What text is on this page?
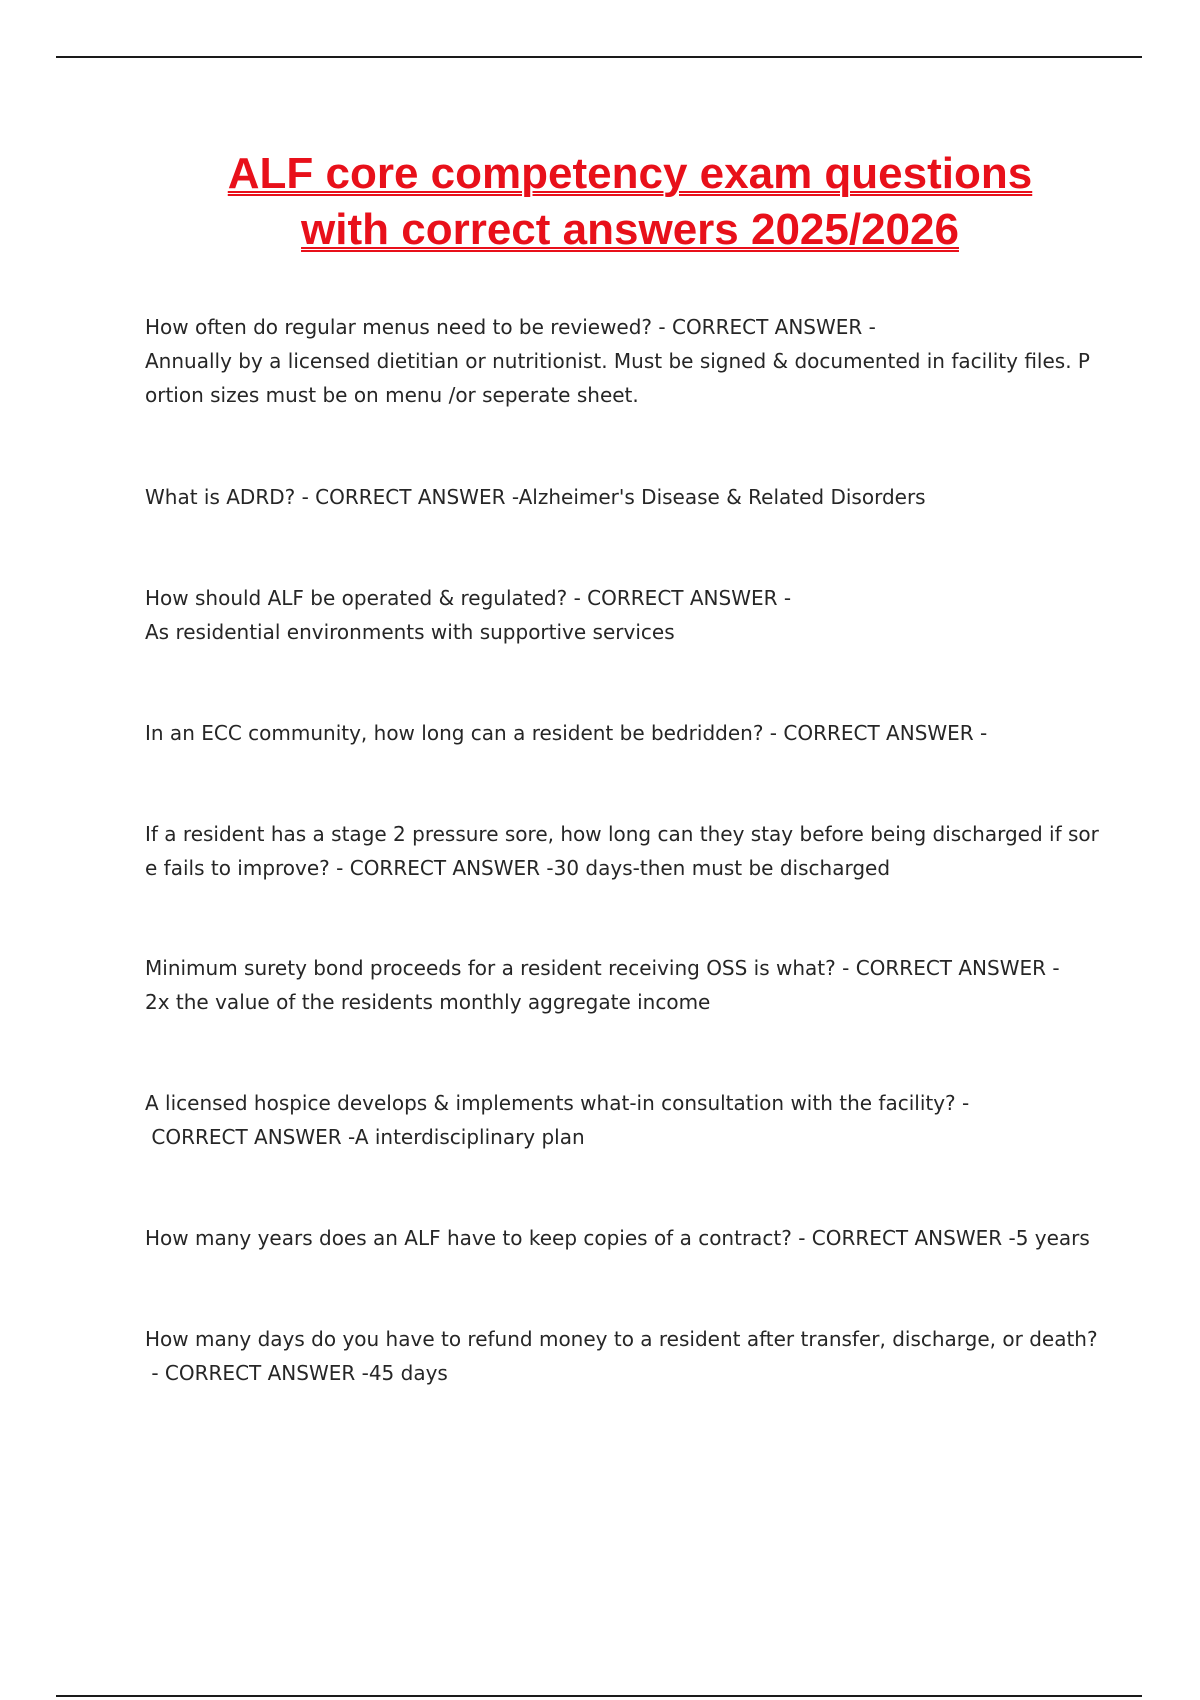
ALF core competency exam questions
with correct answers 2025/2026
How often do regular menus need to be reviewed? - CORRECT ANSWER -
Annually by a licensed dietitian or nutritionist. Must be signed & documented in facility files. P
ortion sizes must be on menu /or seperate sheet.
What is ADRD? - CORRECT ANSWER -Alzheimer's Disease & Related Disorders
How should ALF be operated & regulated? - CORRECT ANSWER -
As residential environments with supportive services
In an ECC community, how long can a resident be bedridden? - CORRECT ANSWER -
If a resident has a stage 2 pressure sore, how long can they stay before being discharged if sor
e fails to improve? - CORRECT ANSWER -30 days-then must be discharged
Minimum surety bond proceeds for a resident receiving OSS is what? - CORRECT ANSWER -
2x the value of the residents monthly aggregate income
A licensed hospice develops & implements what-in consultation with the facility? -
CORRECT ANSWER -A interdisciplinary plan
How many years does an ALF have to keep copies of a contract? - CORRECT ANSWER -5 years
How many days do you have to refund money to a resident after transfer, discharge, or death?
- CORRECT ANSWER -45 days
